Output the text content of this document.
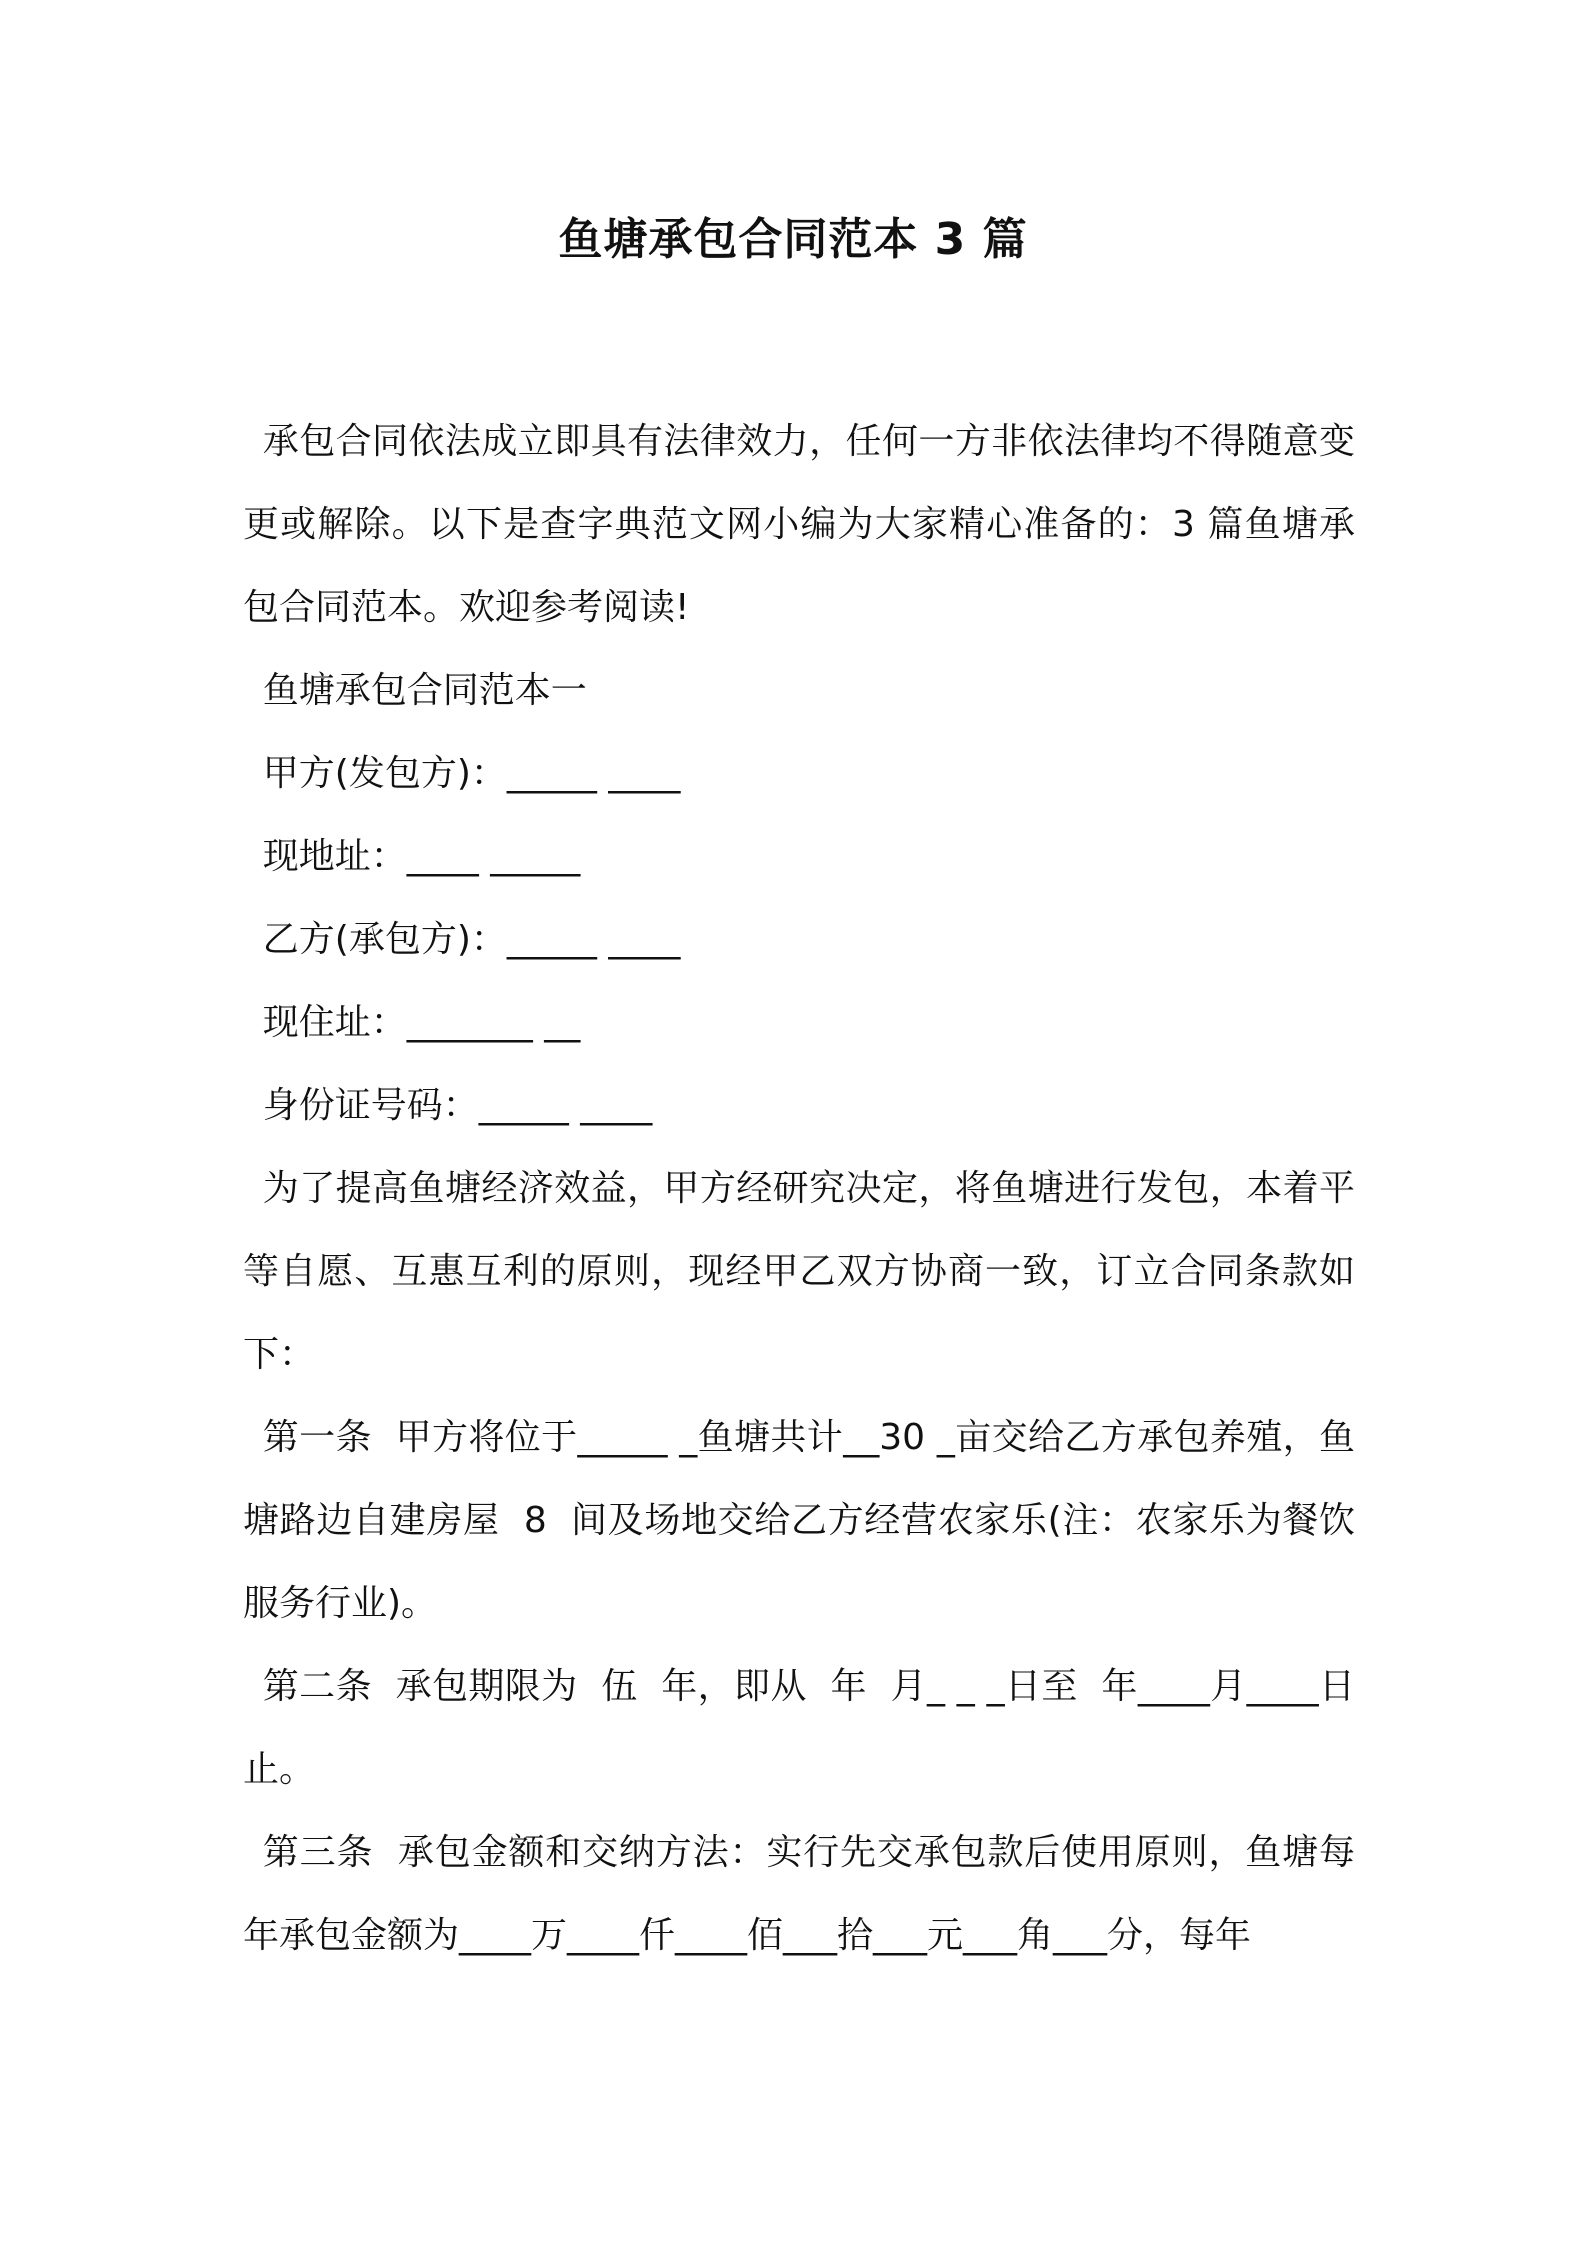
鱼塘承包合同范本 3 篇

承包合同依法成立即具有法律效力，任何一方非依法律均不得随意变更或解除。以下是查字典范文网小编为大家精心准备的：3 篇鱼塘承包合同范本。欢迎参考阅读!

鱼塘承包合同范本一

甲方(发包方)：_____ ____

现地址：____ _____

乙方(承包方)：_____ ____

现住址：_______ __

身份证号码：_____ ____

为了提高鱼塘经济效益，甲方经研究决定，将鱼塘进行发包，本着平等自愿、互惠互利的原则，现经甲乙双方协商一致，订立合同条款如下：

第一条  甲方将位于_____ _鱼塘共计__30 _亩交给乙方承包养殖，鱼塘路边自建房屋  8  间及场地交给乙方经营农家乐(注：农家乐为餐饮服务行业)。

第二条  承包期限为  伍  年，即从  年  月_ _ _日至  年____月____日止。

第三条  承包金额和交纳方法：实行先交承包款后使用原则，鱼塘每年承包金额为____万____仟____佰___拾___元___角___分，每年
